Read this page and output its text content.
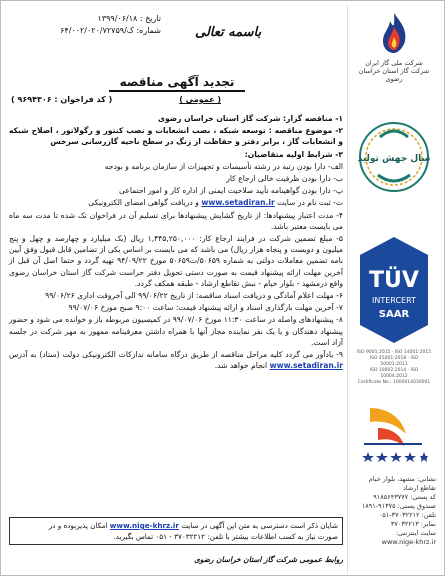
شرکت ملی گاز ایران
شرکت گاز استان خراسان رضوی
سال جهش تولید
TÜV
INTERCERT
SAAR
ISO 9001:2015 · ISO 14001:2015
ISO 45001:2018 · ISO 50001:2011
ISO 10002:2014 · ISO 10004:2012
Certificate No.: 1000014030001
نشانی: مشهد، بلوار خیام
تقاطع ارشاد
کد پستی: ۹۱۸۵۶۴۳۷۷۷
صندوق پستی: ۹۱۳۷۵-۱۸۹۱
تلفن: ۳۷۰۳۲۲۱۲-۰۵۱
نمابر: ۳۷۰۳۲۲۱۳
سایت اینترنتی:
www.nige-khrz.ir
تاریخ : ۱۳۹۹/۰۶/۱۸
شماره: ک/۶۴/۰۰۲/۰۲۰/۷۲۷۵۹	باسمه تعالی
تجدید آگهی مناقصه
( عمومی )
( کد فراخوان : ۹۶۹۴۳۰۶ )

۱- مناقصه گزار: شرکت گاز استان خراسان رضوی

۲- موضوع مناقصه : توسعه شبکه ، نصب انشعابات و نصب کنتور و رگولاتور ، اصلاح شبکه و انشعابات گاز ، برابر دفتر و حفاظت از زنگ در سطح ناحیه گازرسانی سرخس

۳- شرایط اولیه متقاضیان:

الف- دارا بودن رتبه در رشته تأسیسات و تجهیزات از سازمان برنامه و بودجه

ب- دارا بودن ظرفیت خالی ارجاع کار

پ- دارا بودن گواهینامه تأیید صلاحیت ایمنی از اداره کار و امور اجتماعی

ت- ثبت نام در سایت www.setadiran.ir و دریافت گواهی امضای الکترونیکی

۴- مدت اعتبار پیشنهادها: از تاریخ گشایش پیشنهادها برای تسلیم آن در فراخوان تک شده تا مدت سه ماه می بایست معتبر باشد.

۵- مبلغ تضمین شرکت در فرایند ارجاع کار: ۱,۴۴۵,۲۵۰,۰۰۰ ریال (یک میلیارد و چهارصد و چهل و پنج میلیون و دویست و پنجاه هزار ریال) می باشد که می بایست بر اساس یکی از تضامین قابل قبول وفق آیین نامه تضمین معاملات دولتی به شماره ۵۰۶۵۹/ت۵۰۶۵۹ مورخ ۹۴/۰۹/۲۲ تهیه گردد و حتما اصل آن قبل از آخرین مهلت ارائه پیشنهاد قیمت به صورت دستی تحویل دفتر حراست شرکت گاز استان خراسان رضوی واقع درمشهد - بلوار خیام - نبش تقاطع ارشاد - طبقه همکف گردد.

۶- مهلت اعلام آمادگی و دریافت اسناد مناقصه: از تاریخ ۹۹/۰۶/۲۲ الی آخروقت اداری ۹۹/۰۶/۲۶

۷- آخرین مهلت بارگذاری اسناد و ارائه پیشنهاد قیمت: ساعت ۹:۰۰ صبح مورخ ۹۹/۰۷/۰۶

۸- پیشنهادهای واصله در ساعت ۱۱:۳۰ مورخ ۹۹/۰۷/۰۶ در کمیسیون مربوطه باز و خوانده می شود و حضور پیشنهاد دهندگان و یا یک نفر نماینده مجاز آنها با همراه داشتن معرفینامه ممهور به مهر شرکت در جلسه آزاد است.

۹- یادآور می گردد کلیه مراحل مناقصه از طریق درگاه سامانه تدارکات الکترونیکی دولت (ستاد) به آدرس www.setadiran.ir انجام خواهد شد.

شایان ذکر است دسترسی به متن این آگهی در سایت www.nige-khrz.ir امکان پذیربوده و در
صورت نیاز به کسب اطلاعات بیشتر با تلفن: ۳۷۰۳۲۲۱۲ - ۰۵۱ تماس بگیرید.
روابط عمومی شرکت گاز استان خراسان رضوی
